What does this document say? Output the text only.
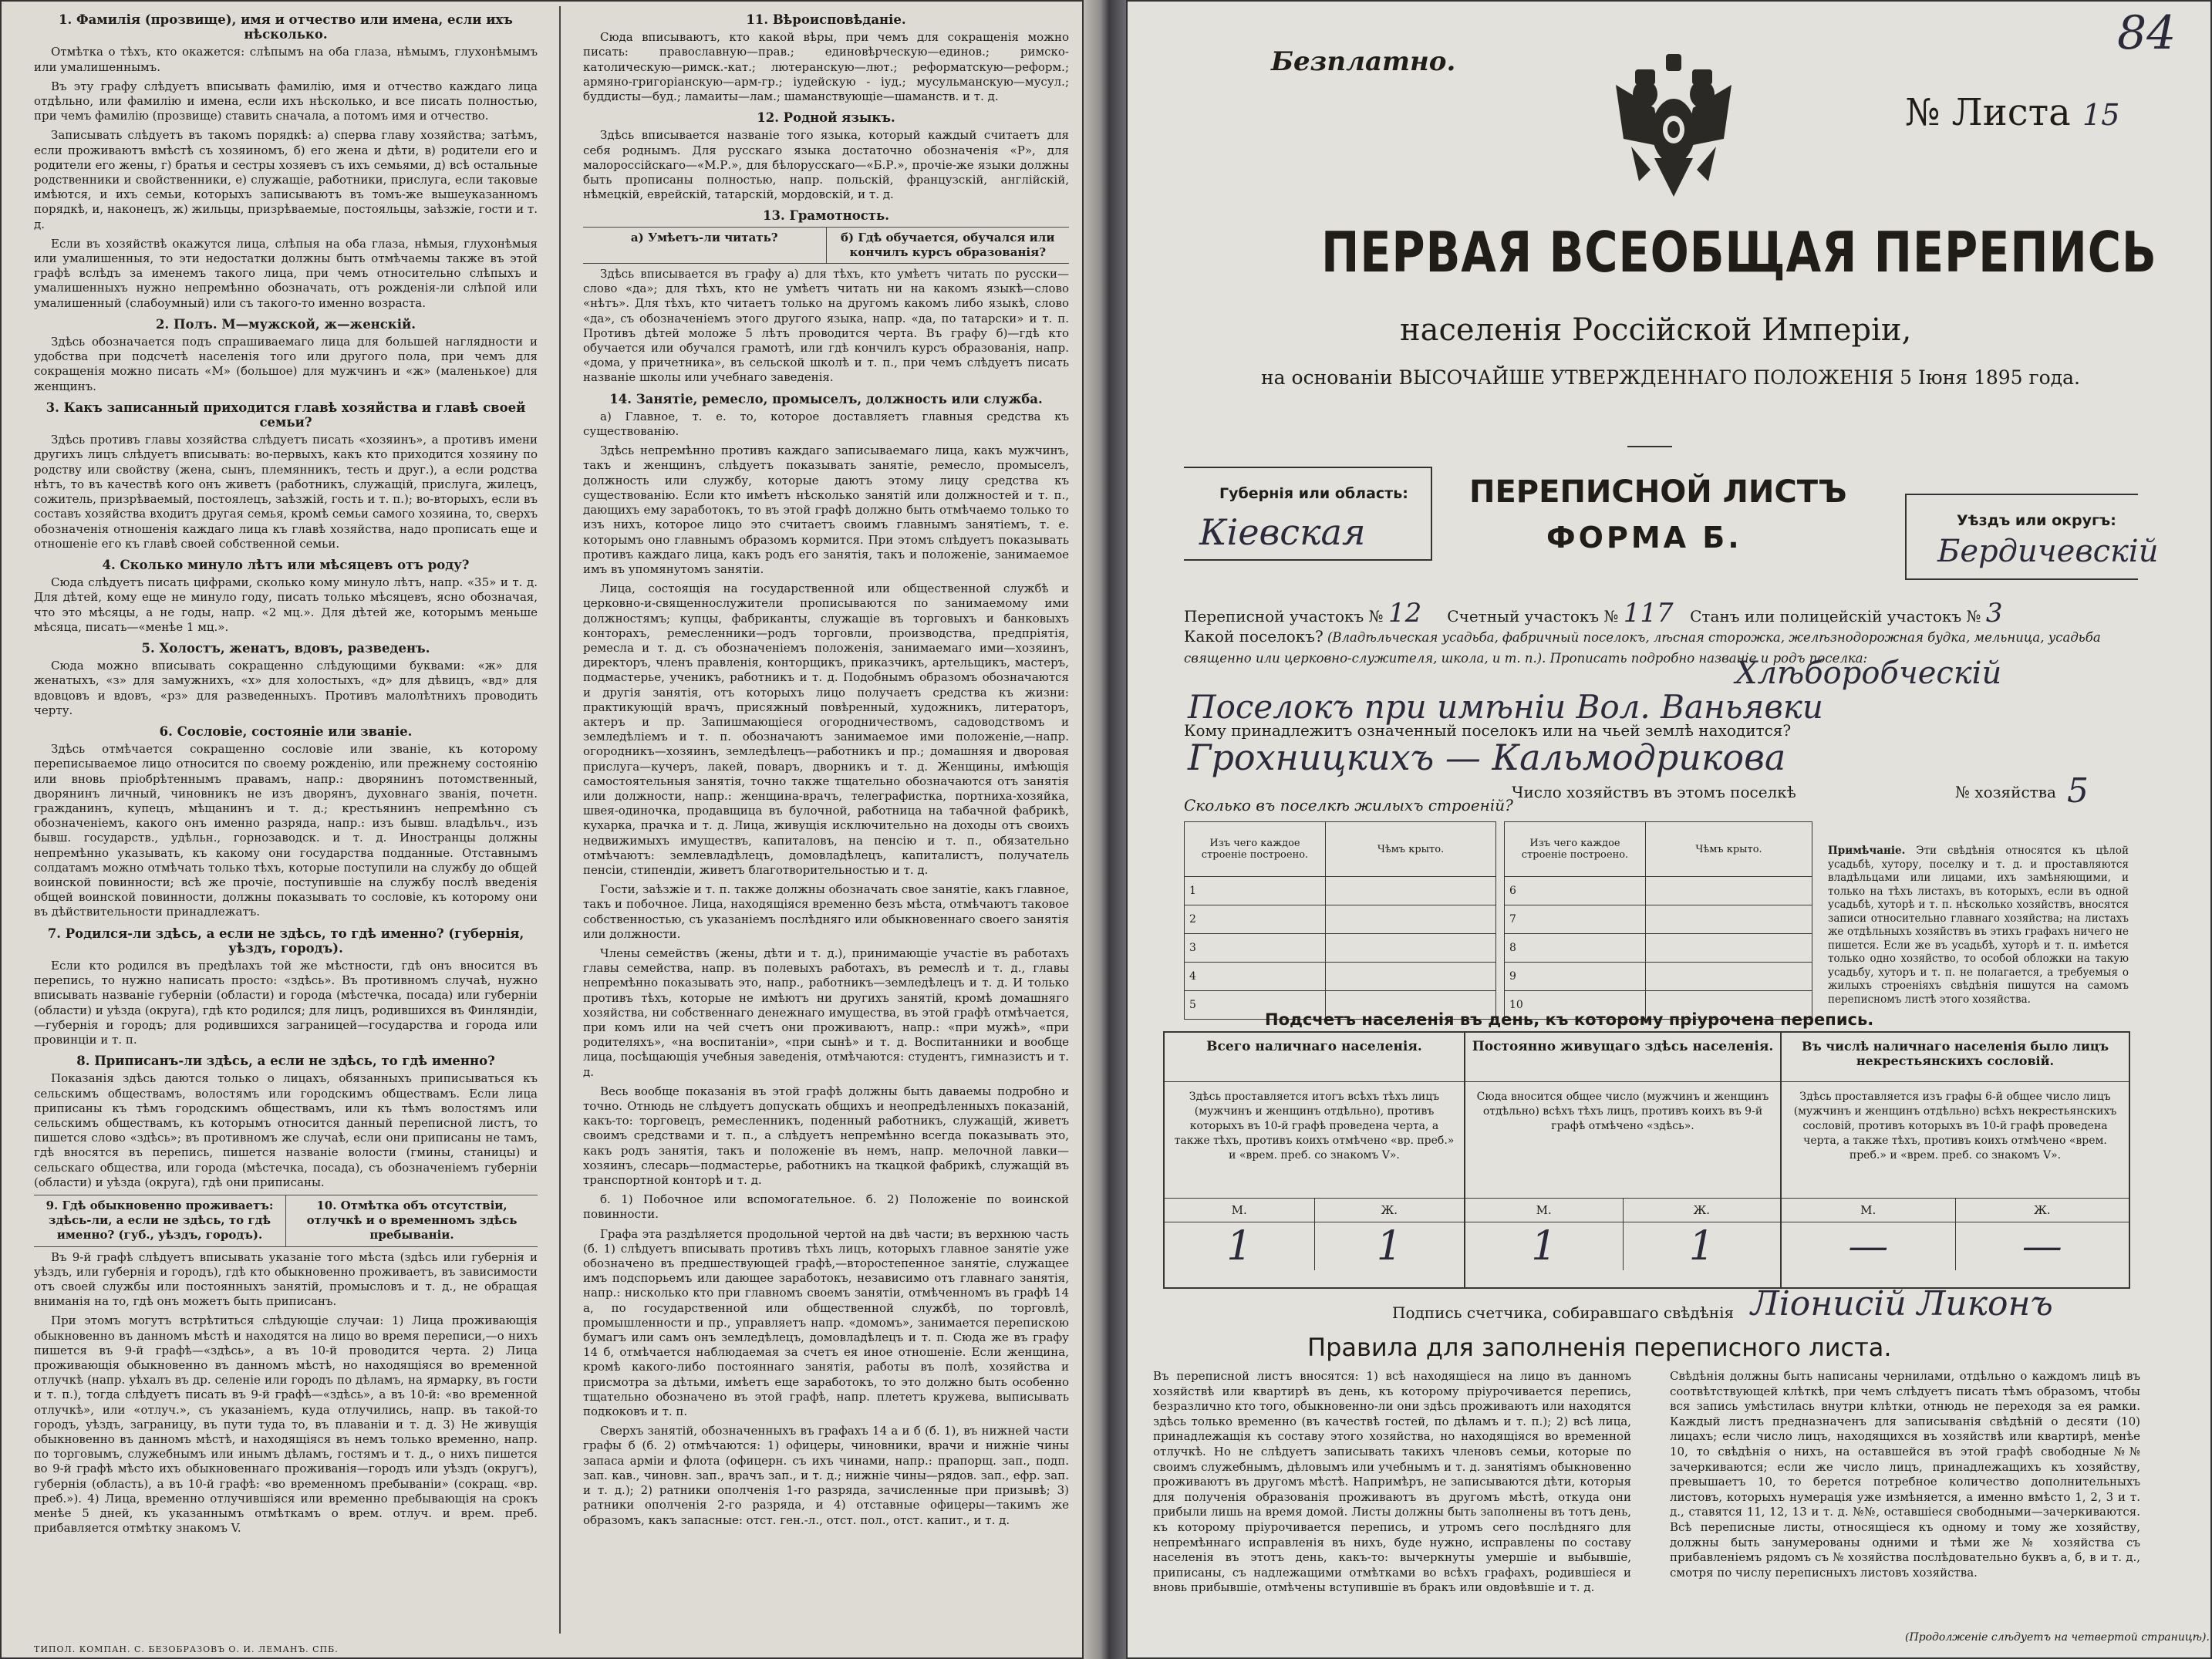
1. Фамилія (прозвище), имя и отчество или имена, если ихъ нѣсколько.

Отмѣтка о тѣхъ, кто окажется: слѣпымъ на оба глаза, нѣмымъ, глухонѣмымъ или умалишеннымъ.

Въ эту графу слѣдуетъ вписывать фамилію, имя и отчество каждаго лица отдѣльно, или фамилію и имена, если ихъ нѣсколько, и все писать полностью, при чемъ фамилію (прозвище) ставить сначала, а потомъ имя и отчество.

Записывать слѣдуетъ въ такомъ порядкѣ: а) сперва главу хозяйства; затѣмъ, если проживаютъ вмѣстѣ съ хозяиномъ, б) его жена и дѣти, в) родители его и родители его жены, г) братья и сестры хозяевъ съ ихъ семьями, д) всѣ остальные родственники и свойственники, е) служащіе, работники, прислуга, если таковые имѣются, и ихъ семьи, которыхъ записываютъ въ томъ-же вышеуказанномъ порядкѣ, и, наконецъ, ж) жильцы, призрѣваемые, постояльцы, заѣзжіе, гости и т. д.

Если въ хозяйствѣ окажутся лица, слѣпыя на оба глаза, нѣмыя, глухонѣмыя или умалишенныя, то эти недостатки должны быть отмѣчаемы также въ этой графѣ вслѣдъ за именемъ такого лица, при чемъ относительно слѣпыхъ и умалишенныхъ нужно непремѣнно обозначать, отъ рожденія-ли слѣпой или умалишенный (слабоумный) или съ такого-то именно возраста.

2. Полъ. М—мужской, ж—женскій.

Здѣсь обозначается подъ спрашиваемаго лица для большей наглядности и удобства при подсчетѣ населенія того или другого пола, при чемъ для сокращенія можно писать «М» (большое) для мужчинъ и «ж» (маленькое) для женщинъ.

3. Какъ записанный приходится главѣ хозяйства и главѣ своей семьи?

Здѣсь противъ главы хозяйства слѣдуетъ писать «хозяинъ», а противъ имени другихъ лицъ слѣдуетъ вписывать: во-первыхъ, какъ кто приходится хозяину по родству или свойству (жена, сынъ, племянникъ, тесть и друг.), а если родства нѣтъ, то въ качествѣ кого онъ живетъ (работникъ, служащій, прислуга, жилецъ, сожитель, призрѣваемый, постоялецъ, заѣзжій, гость и т. п.); во-вторыхъ, если въ составъ хозяйства входитъ другая семья, кромѣ семьи самого хозяина, то, сверхъ обозначенія отношенія каждаго лица къ главѣ хозяйства, надо прописать еще и отношеніе его къ главѣ своей собственной семьи.

4. Сколько минуло лѣтъ или мѣсяцевъ отъ роду?

Сюда слѣдуетъ писать цифрами, сколько кому минуло лѣтъ, напр. «35» и т. д. Для дѣтей, кому еще не минуло году, писать только мѣсяцевъ, ясно обозначая, что это мѣсяцы, а не годы, напр. «2 мц.». Для дѣтей же, которымъ меньше мѣсяца, писать—«менѣе 1 мц.».

5. Холостъ, женатъ, вдовъ, разведенъ.

Сюда можно вписывать сокращенно слѣдующими буквами: «ж» для женатыхъ, «з» для замужнихъ, «х» для холостыхъ, «д» для дѣвицъ, «вд» для вдовцовъ и вдовъ, «рз» для разведенныхъ. Противъ малолѣтнихъ проводить черту.

6. Сословіе, состояніе или званіе.

Здѣсь отмѣчается сокращенно сословіе или званіе, къ которому переписываемое лицо относится по своему рожденію, или прежнему состоянію или вновь пріобрѣтеннымъ правамъ, напр.: дворянинъ потомственный, дворянинъ личный, чиновникъ не изъ дворянъ, духовнаго званія, почетн. гражданинъ, купецъ, мѣщанинъ и т. д.; крестьянинъ непремѣнно съ обозначеніемъ, какого онъ именно разряда, напр.: изъ бывш. владѣльч., изъ бывш. государств., удѣльн., горнозаводск. и т. д. Иностранцы должны непремѣнно указывать, къ какому они государства подданные. Отставнымъ солдатамъ можно отмѣчать только тѣхъ, которые поступили на службу до общей воинской повинности; всѣ же прочіе, поступившіе на службу послѣ введенія общей воинской повинности, должны показывать то сословіе, къ которому они въ дѣйствительности принадлежатъ.

7. Родился-ли здѣсь, а если не здѣсь, то гдѣ именно? (губернія, уѣздъ, городъ).

Если кто родился въ предѣлахъ той же мѣстности, гдѣ онъ вносится въ перепись, то нужно написать просто: «здѣсь». Въ противномъ случаѣ, нужно вписывать названіе губерніи (области) и города (мѣстечка, посада) или губерніи (области) и уѣзда (округа), гдѣ кто родился; для лицъ, родившихся въ Финляндіи,—губернія и городъ; для родившихся заграницей—государства и города или провинціи и т. п.

8. Приписанъ-ли здѣсь, а если не здѣсь, то гдѣ именно?

Показанія здѣсь даются только о лицахъ, обязанныхъ приписываться къ сельскимъ обществамъ, волостямъ или городскимъ обществамъ. Если лица приписаны къ тѣмъ городскимъ обществамъ, или къ тѣмъ волостямъ или сельскимъ обществамъ, къ которымъ относится данный переписной листъ, то пишется слово «здѣсь»; въ противномъ же случаѣ, если они приписаны не тамъ, гдѣ вносятся въ перепись, пишется названіе волости (гмины, станицы) и сельскаго общества, или города (мѣстечка, посада), съ обозначеніемъ губерніи (области) и уѣзда (округа), гдѣ они приписаны.

9. Гдѣ обыкновенно проживаетъ: здѣсь-ли, а если не здѣсь, то гдѣ именно? (губ., уѣздъ, городъ).
10. Отмѣтка объ отсутствіи, отлучкѣ и о временномъ здѣсь пребываніи.

Въ 9-й графѣ слѣдуетъ вписывать указаніе того мѣста (здѣсь или губернія и уѣздъ, или губернія и городъ), гдѣ кто обыкновенно проживаетъ, въ зависимости отъ своей службы или постоянныхъ занятій, промысловъ и т. д., не обращая вниманія на то, гдѣ онъ можетъ быть приписанъ.

При этомъ могутъ встрѣтиться слѣдующіе случаи: 1) Лица проживающія обыкновенно въ данномъ мѣстѣ и находятся на лицо во время переписи,—о нихъ пишется въ 9-й графѣ—«здѣсь», а въ 10-й проводится черта. 2) Лица проживающія обыкновенно въ данномъ мѣстѣ, но находящіяся во временной отлучкѣ (напр. уѣхалъ въ др. селеніе или городъ по дѣламъ, на ярмарку, въ гости и т. п.), тогда слѣдуетъ писать въ 9-й графѣ—«здѣсь», а въ 10-й: «во временной отлучкѣ», или «отлуч.», съ указаніемъ, куда отлучились, напр. въ такой-то городъ, уѣздъ, заграницу, въ пути туда то, въ плаваніи и т. д. 3) Не живущія обыкновенно въ данномъ мѣстѣ, и находящіяся въ немъ только временно, напр. по торговымъ, служебнымъ или инымъ дѣламъ, гостямъ и т. д., о нихъ пишется во 9-й графѣ мѣсто ихъ обыкновеннаго проживанія—городъ или уѣздъ (округъ), губернія (область), а въ 10-й графѣ: «во временномъ пребываніи» (сокращ. «вр. преб.»). 4) Лица, временно отлучившіяся или временно пребывающія на срокъ менѣе 5 дней, къ указаннымъ отмѣткамъ о врем. отлуч. и врем. преб. прибавляется отмѣтку знакомъ V.

11. Вѣроисповѣданіе.

Сюда вписываютъ, кто какой вѣры, при чемъ для сокращенія можно писать: православную—прав.; единовѣрческую—единов.; римско-католическую—римск.-кат.; лютеранскую—лют.; реформатскую—реформ.; армяно-григоріанскую—арм-гр.; іудейскую - іуд.; мусульманскую—мусул.; буддисты—буд.; ламаиты—лам.; шаманствующіе—шаманств. и т. д.

12. Родной языкъ.

Здѣсь вписывается названіе того языка, который каждый считаетъ для себя роднымъ. Для русскаго языка достаточно обозначенія «Р», для малороссійскаго—«М.Р.», для бѣлорусскаго—«Б.Р.», прочіе-же языки должны быть прописаны полностью, напр. польскій, французскій, англійскій, нѣмецкій, еврейскій, татарскій, мордовскій, и т. д.

13. Грамотность.
а) Умѣетъ-ли читать?	б) Гдѣ обучается, обучался или кончилъ курсъ образованія?

Здѣсь вписывается въ графу а) для тѣхъ, кто умѣетъ читать по русски—слово «да»; для тѣхъ, кто не умѣетъ читать ни на какомъ языкѣ—слово «нѣтъ». Для тѣхъ, кто читаетъ только на другомъ какомъ либо языкѣ, слово «да», съ обозначеніемъ этого другого языка, напр. «да, по татарски» и т. п. Противъ дѣтей моложе 5 лѣтъ проводится черта. Въ графу б)—гдѣ кто обучается или обучался грамотѣ, или гдѣ кончилъ курсъ образованія, напр. «дома, у причетника», въ сельской школѣ и т. п., при чемъ слѣдуетъ писать названіе школы или учебнаго заведенія.

14. Занятіе, ремесло, промыселъ, должность или служба.

а) Главное, т. е. то, которое доставляетъ главныя средства къ существованію.

Здѣсь непремѣнно противъ каждаго записываемаго лица, какъ мужчинъ, такъ и женщинъ, слѣдуетъ показывать занятіе, ремесло, промыселъ, должность или службу, которые даютъ этому лицу средства къ существованію. Если кто имѣетъ нѣсколько занятій или должностей и т. п., дающихъ ему заработокъ, то въ этой графѣ должно быть отмѣчаемо только то изъ нихъ, которое лицо это считаетъ своимъ главнымъ занятіемъ, т. е. которымъ оно главнымъ образомъ кормится. При этомъ слѣдуетъ показывать противъ каждаго лица, какъ родъ его занятія, такъ и положеніе, занимаемое имъ въ упомянутомъ занятіи.

Лица, состоящія на государственной или общественной службѣ и церковно-и-священнослужители прописываются по занимаемому ими должностямъ; купцы, фабриканты, служащіе въ торговыхъ и банковыхъ конторахъ, ремесленники—родъ торговли, производства, предпріятія, ремесла и т. д. съ обозначеніемъ положенія, занимаемаго ими—хозяинъ, директоръ, членъ правленія, конторщикъ, приказчикъ, артельщикъ, мастеръ, подмастерье, ученикъ, работникъ и т. д. Подобнымъ образомъ обозначаются и другія занятія, отъ которыхъ лицо получаетъ средства къ жизни: практикующій врачъ, присяжный повѣренный, художникъ, литераторъ, актеръ и пр. Запишмающіеся огородничествомъ, садоводствомъ и земледѣліемъ и т. п. обозначаютъ занимаемое ими положеніе,—напр. огородникъ—хозяинъ, земледѣлецъ—работникъ и пр.; домашняя и дворовая прислуга—кучеръ, лакей, поваръ, дворникъ и т. д. Женщины, имѣющія самостоятельныя занятія, точно также тщательно обозначаются отъ занятія или должности, напр.: женщина-врачъ, телеграфистка, портниха-хозяйка, швея-одиночка, продавщица въ булочной, работница на табачной фабрикѣ, кухарка, прачка и т. д. Лица, живущія исключительно на доходы отъ своихъ недвижимыхъ имуществъ, капиталовъ, на пенсію и т. п., обязательно отмѣчаютъ: землевладѣлецъ, домовладѣлецъ, капиталистъ, получатель пенсіи, стипендіи, живетъ благотворительностью и т. д.

Гости, заѣзжіе и т. п. также должны обозначать свое занятіе, какъ главное, такъ и побочное. Лица, находящіяся временно безъ мѣста, отмѣчаютъ таковое собственностью, съ указаніемъ послѣдняго или обыкновеннаго своего занятія или должности.

Члены семействъ (жены, дѣти и т. д.), принимающіе участіе въ работахъ главы семейства, напр. въ полевыхъ работахъ, въ ремеслѣ и т. д., главы непремѣнно показывать это, напр., работникъ—земледѣлецъ и т. д. И только противъ тѣхъ, которые не имѣютъ ни другихъ занятій, кромѣ домашняго хозяйства, ни собственнаго денежнаго имущества, въ этой графѣ отмѣчается, при комъ или на чей счетъ они проживаютъ, напр.: «при мужѣ», «при родителяхъ», «на воспитаніи», «при сынѣ» и т. д. Воспитанники и вообще лица, посѣщающія учебныя заведенія, отмѣчаются: студентъ, гимназистъ и т. д.

Весь вообще показанія въ этой графѣ должны быть даваемы подробно и точно. Отнюдь не слѣдуетъ допускать общихъ и неопредѣленныхъ показаній, какъ-то: торговецъ, ремесленникъ, поденный работникъ, служащій, живетъ своимъ средствами и т. п., а слѣдуетъ непремѣнно всегда показывать это, какъ родъ занятія, такъ и положеніе въ немъ, напр. мелочной лавки—хозяинъ, слесарь—подмастерье, работникъ на ткацкой фабрикѣ, служащій въ транспортной конторѣ и т. д.

б. 1) Побочное или вспомогательное. б. 2) Положеніе по воинской повинности.

Графа эта раздѣляется продольной чертой на двѣ части; въ верхнюю часть (б. 1) слѣдуетъ вписывать противъ тѣхъ лицъ, которыхъ главное занятіе уже обозначено въ предшествующей графѣ,—второстепенное занятіе, служащее имъ подспорьемъ или дающее заработокъ, независимо отъ главнаго занятія, напр.: нисколько кто при главномъ своемъ занятіи, отмѣченномъ въ графѣ 14 а, по государственной или общественной службѣ, по торговлѣ, промышленности и пр., управляетъ напр. «домомъ», занимается перепискою бумагъ или самъ онъ земледѣлецъ, домовладѣлецъ и т. п. Сюда же въ графу 14 б, отмѣчается наблюдаемая за счетъ ея иное отношеніе. Если женщина, кромѣ какого-либо постояннаго занятія, работы въ полѣ, хозяйства и присмотра за дѣтьми, имѣетъ еще заработокъ, то это должно быть особенно тщательно обозначено въ этой графѣ, напр. плететъ кружева, выписывать подкоковъ и т. п.

Сверхъ занятій, обозначенныхъ въ графахъ 14 а и б (б. 1), въ нижней части графы б (б. 2) отмѣчаются: 1) офицеры, чиновники, врачи и нижніе чины запаса арміи и флота (офицерн. съ ихъ чинами, напр.: прапорщ. зап., подп. зап. кав., чиновн. зап., врачъ зап., и т. д.; нижніе чины—рядов. зап., ефр. зап. и т. д.); 2) ратники ополченія 1-го разряда, зачисленные при призывѣ; 3) ратники ополченія 2-го разряда, и 4) отставные офицеры—такимъ же образомъ, какъ запасные: отст. ген.-л., отст. пол., отст. капит., и т. д.

ТИПОЛ. КОМПАН. С. БЕЗОБРАЗОВЪ О. И. ЛЕМАНЪ. СПБ.
Безплатно.
84
№ Листа 15
ПЕРВАЯ ВСЕОБЩАЯ ПЕРЕПИСЬ
населенія Россійской Имперіи,
на основаніи ВЫСОЧАЙШЕ УТВЕРЖДЕННАГО ПОЛОЖЕНІЯ 5 Іюня 1895 года.
Губернія или область:
Кіевская
ПЕРЕПИСНОЙ ЛИСТЪ
ФОРМА Б.	Уѣздъ или округъ:
Бердичевскій
Переписной участокъ № 12 Счетный участокъ № 117 Станъ или полицейскій участокъ № 3
Какой поселокъ? (Владѣльческая усадьба, фабричный поселокъ, лѣсная сторожка, желѣзнодорожная будка, мельница, усадьба священно или церковно-служителя, школа, и т. п.). Прописать подробно названіе и родъ поселка:
Хлѣборобческій
Поселокъ при имѣніи Вол. Ваньявки
Кому принадлежитъ означенный поселокъ или на чьей землѣ находится?
Грохницкихъ — Кальмодрикова
Число хозяйствъ въ этомъ поселкѣ	№ хозяйства 5
Сколько въ поселкѣ жилыхъ строеній?
Изъ чего каждое строеніе построено.	Чѣмъ крыто.
1	
2	
3	
4	
5	
Изъ чего каждое строеніе построено.	Чѣмъ крыто.
6	
7	
8	
9	
10	
Примѣчаніе. Эти свѣдѣнія относятся къ цѣлой усадьбѣ, хутору, поселку и т. д. и проставляются владѣльцами или лицами, ихъ замѣняющими, и только на тѣхъ листахъ, въ которыхъ, если въ одной усадьбѣ, хуторѣ и т. п. нѣсколько хозяйствъ, вносятся записи относительно главнаго хозяйства; на листахъ же отдѣльныхъ хозяйствъ въ этихъ графахъ ничего не пишется. Если же въ усадьбѣ, хуторѣ и т. п. имѣется только одно хозяйство, то особой обложки на такую усадьбу, хуторъ и т. п. не полагается, а требуемыя о жилыхъ строеніяхъ свѣдѣнія пишутся на самомъ переписномъ листѣ этого хозяйства.
Подсчетъ населенія въ день, къ которому пріурочена перепись.
Всего наличнаго населенія.
Здѣсь проставляется итогъ всѣхъ тѣхъ лицъ (мужчинъ и женщинъ отдѣльно), противъ которыхъ въ 10-й графѣ проведена черта, а также тѣхъ, противъ коихъ отмѣчено «вр. преб.» и «врем. преб. со знакомъ V».
М.	Ж.
1	1
Постоянно живущаго здѣсь населенія.
Сюда вносится общее число (мужчинъ и женщинъ отдѣльно) всѣхъ тѣхъ лицъ, противъ коихъ въ 9-й графѣ отмѣчено «здѣсь».
М.	Ж.
1	1
Въ числѣ наличнаго населенія было лицъ некрестьянскихъ сословій.
Здѣсь проставляется изъ графы 6-й общее число лицъ (мужчинъ и женщинъ отдѣльно) всѣхъ некрестьянскихъ сословій, противъ которыхъ въ 10-й графѣ проведена черта, а также тѣхъ, противъ коихъ отмѣчено «врем. преб.» и «врем. преб. со знакомъ V».
М.	Ж.
—	—
Подпись счетчика, собиравшаго свѣдѣнія Ліонисій Ликонъ
Правила для заполненія переписного листа.
Въ переписной листъ вносятся: 1) всѣ находящіеся на лицо въ данномъ хозяйствѣ или квартирѣ въ день, къ которому пріурочивается перепись, безразлично кто того, обыкновенно-ли они здѣсь проживаютъ или находятся здѣсь только временно (въ качествѣ гостей, по дѣламъ и т. п.); 2) всѣ лица, принадлежащія къ составу этого хозяйства, но находящіяся во временной отлучкѣ. Но не слѣдуетъ записывать такихъ членовъ семьи, которые по своимъ служебнымъ, дѣловымъ или учебнымъ и т. д. занятіямъ обыкновенно проживаютъ въ другомъ мѣстѣ. Напримѣръ, не записываются дѣти, которыя для полученія образованія проживаютъ въ другомъ мѣстѣ, откуда они прибыли лишь на время домой. Листы должны быть заполнены въ тотъ день, къ которому пріурочивается перепись, и утромъ сего послѣдняго для непремѣннаго исправленія въ нихъ, буде нужно, исправлены по составу населенія въ этотъ день, какъ-то: вычеркнуты умершіе и выбывшіе, приписаны, съ надлежащими отмѣтками во всѣхъ графахъ, родившіеся и вновь прибывшіе, отмѣчены вступившіе въ бракъ или овдовѣвшіе и т. д.
Свѣдѣнія должны быть написаны чернилами, отдѣльно о каждомъ лицѣ въ соотвѣтствующей клѣткѣ, при чемъ слѣдуетъ писать тѣмъ образомъ, чтобы вся запись умѣстилась внутри клѣтки, отнюдь не переходя за ея рамки. Каждый листъ предназначенъ для записыванія свѣдѣній о десяти (10) лицахъ; если число лицъ, находящихся въ хозяйствѣ или квартирѣ, менѣе 10, то свѣдѣнія о нихъ, на оставшейся въ этой графѣ свободные №№ зачеркиваются; если же число лицъ, принадлежащихъ къ хозяйству, превышаетъ 10, то берется потребное количество дополнительныхъ листовъ, которыхъ нумерація уже измѣняется, а именно вмѣсто 1, 2, 3 и т. д., ставятся 11, 12, 13 и т. д. №№, оставшіеся свободными—зачеркиваются. Всѣ переписные листы, относящіеся къ одному и тому же хозяйству, должны быть занумерованы одними и тѣми же № хозяйства съ прибавленіемъ рядомъ съ № хозяйства послѣдовательно буквъ а, б, в и т. д., смотря по числу переписныхъ листовъ хозяйства.
(Продолженіе слѣдуетъ на четвертой страницѣ).
